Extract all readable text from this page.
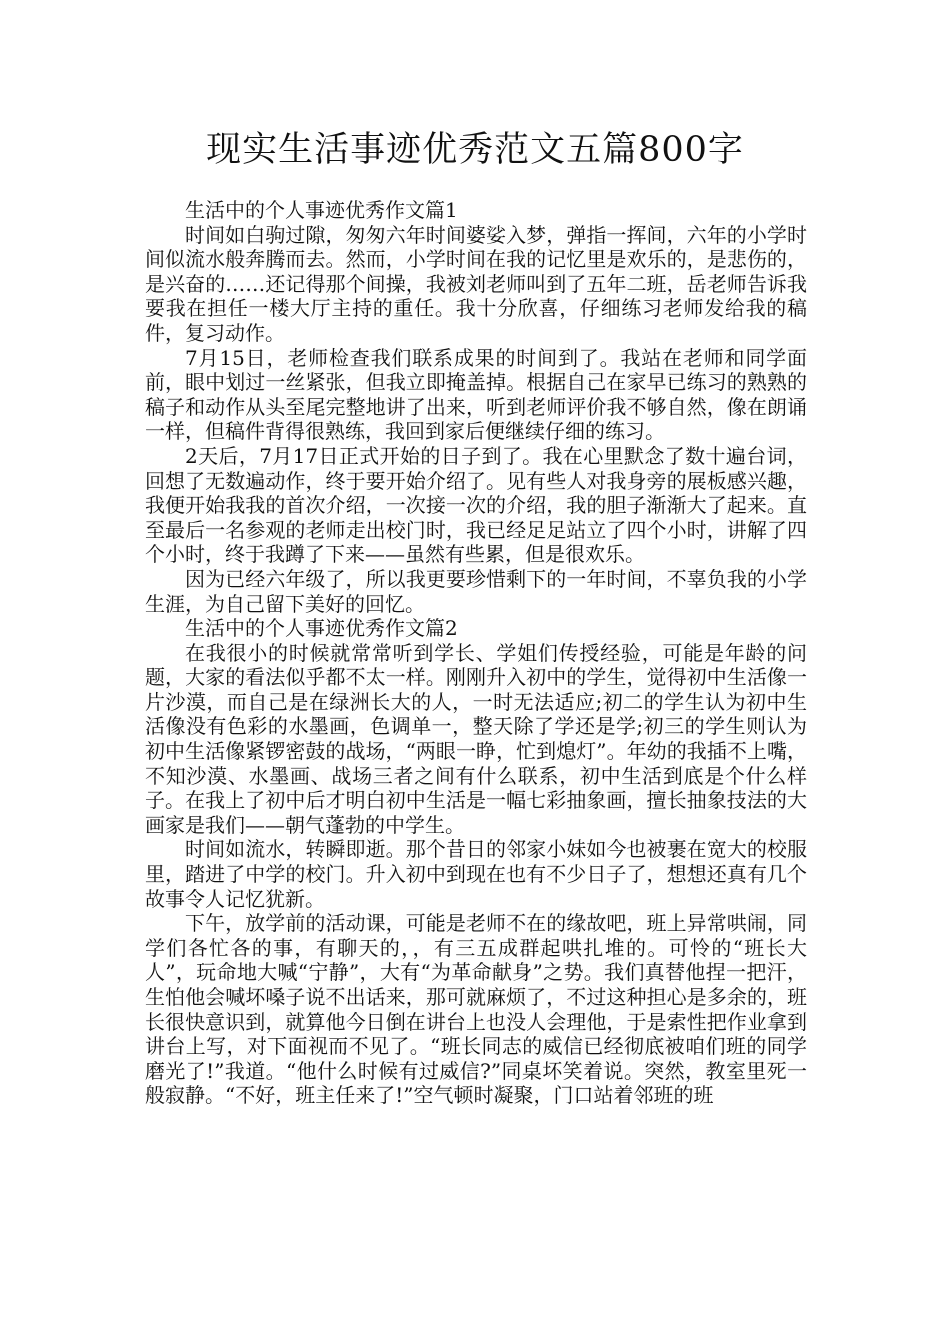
现实生活事迹优秀范文五篇800字

生活中的个人事迹优秀作文篇1

时间如白驹过隙，匆匆六年时间婆娑入梦，弹指一挥间，六年的小学时间似流水般奔腾而去。然而，小学时间在我的记忆里是欢乐的，是悲伤的，是兴奋的……还记得那个间操，我被刘老师叫到了五年二班，岳老师告诉我要我在担任一楼大厅主持的重任。我十分欣喜，仔细练习老师发给我的稿件，复习动作。

7月15日，老师检查我们联系成果的时间到了。我站在老师和同学面前，眼中划过一丝紧张，但我立即掩盖掉。根据自己在家早已练习的熟熟的稿子和动作从头至尾完整地讲了出来，听到老师评价我不够自然，像在朗诵一样，但稿件背得很熟练，我回到家后便继续仔细的练习。

2天后，7月17日正式开始的日子到了。我在心里默念了数十遍台词，回想了无数遍动作，终于要开始介绍了。见有些人对我身旁的展板感兴趣，我便开始我我的首次介绍，一次接一次的介绍，我的胆子渐渐大了起来。直至最后一名参观的老师走出校门时，我已经足足站立了四个小时，讲解了四个小时，终于我蹲了下来——虽然有些累，但是很欢乐。

因为已经六年级了，所以我更要珍惜剩下的一年时间，不辜负我的小学生涯，为自己留下美好的回忆。

生活中的个人事迹优秀作文篇2

在我很小的时候就常常听到学长、学姐们传授经验，可能是年龄的问题，大家的看法似乎都不太一样。刚刚升入初中的学生，觉得初中生活像一片沙漠，而自己是在绿洲长大的人，一时无法适应;初二的学生认为初中生活像没有色彩的水墨画，色调单一，整天除了学还是学;初三的学生则认为初中生活像紧锣密鼓的战场，“两眼一睁，忙到熄灯”。年幼的我插不上嘴，不知沙漠、水墨画、战场三者之间有什么联系，初中生活到底是个什么样子。在我上了初中后才明白初中生活是一幅七彩抽象画，擅长抽象技法的大画家是我们——朝气蓬勃的中学生。

时间如流水，转瞬即逝。那个昔日的邻家小妹如今也被裹在宽大的校服里，踏进了中学的校门。升入初中到现在也有不少日子了，想想还真有几个故事令人记忆犹新。

下午，放学前的活动课，可能是老师不在的缘故吧，班上异常哄闹，同学们各忙各的事，有聊天的，，有三五成群起哄扎堆的。可怜的“班长大人”，玩命地大喊“宁静”，大有“为革命献身”之势。我们真替他捏一把汗，生怕他会喊坏嗓子说不出话来，那可就麻烦了，不过这种担心是多余的，班长很快意识到，就算他今日倒在讲台上也没人会理他，于是索性把作业拿到讲台上写，对下面视而不见了。“班长同志的威信已经彻底被咱们班的同学磨光了!”我道。“他什么时候有过威信?”同桌坏笑着说。突然，教室里死一般寂静。“不好，班主任来了!”空气顿时凝聚，门口站着邻班的班
